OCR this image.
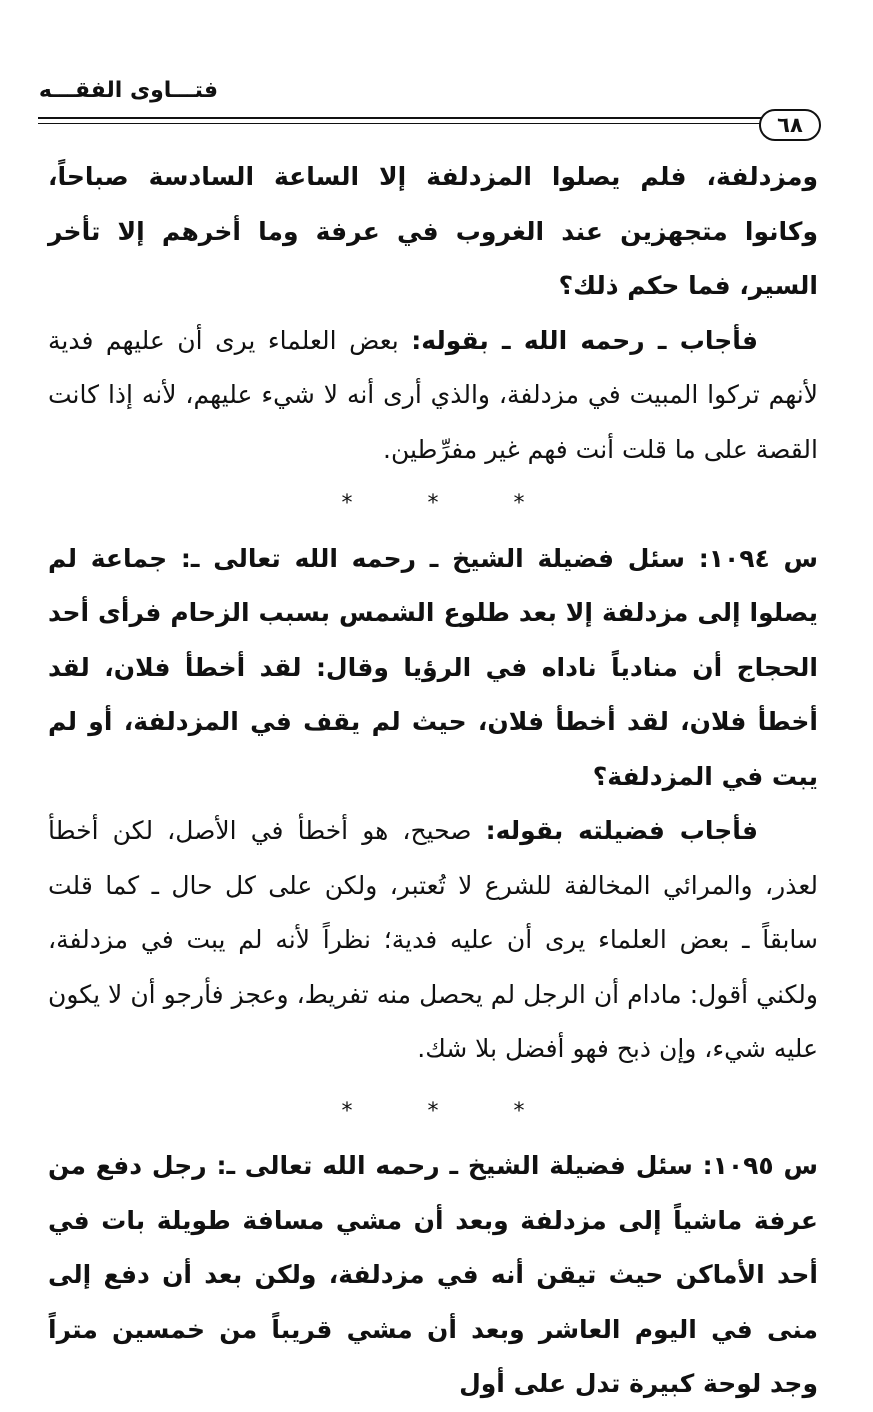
فتـــاوى الفقـــه
٦٨

ومزدلفة، فلم يصلوا المزدلفة إلا الساعة السادسة صباحاً، وكانوا متجهزين عند الغروب في عرفة وما أخرهم إلا تأخر السير، فما حكم ذلك؟

فأجاب ـ رحمه الله ـ بقوله: بعض العلماء يرى أن عليهم فدية لأنهم تركوا المبيت في مزدلفة، والذي أرى أنه لا شيء عليهم، لأنه إذا كانت القصة على ما قلت أنت فهم غير مفرِّطين.

* * *

س ١٠٩٤: سئل فضيلة الشيخ ـ رحمه الله تعالى ـ: جماعة لم يصلوا إلى مزدلفة إلا بعد طلوع الشمس بسبب الزحام فرأى أحد الحجاج أن منادياً ناداه في الرؤيا وقال: لقد أخطأ فلان، لقد أخطأ فلان، لقد أخطأ فلان، حيث لم يقف في المزدلفة، أو لم يبت في المزدلفة؟

فأجاب فضيلته بقوله: صحيح، هو أخطأ في الأصل، لكن أخطأ لعذر، والمرائي المخالفة للشرع لا تُعتبر، ولكن على كل حال ـ كما قلت سابقاً ـ بعض العلماء يرى أن عليه فدية؛ نظراً لأنه لم يبت في مزدلفة، ولكني أقول: مادام أن الرجل لم يحصل منه تفريط، وعجز فأرجو أن لا يكون عليه شيء، وإن ذبح فهو أفضل بلا شك.

* * *

س ١٠٩٥: سئل فضيلة الشيخ ـ رحمه الله تعالى ـ: رجل دفع من عرفة ماشياً إلى مزدلفة وبعد أن مشي مسافة طويلة بات في أحد الأماكن حيث تيقن أنه في مزدلفة، ولكن بعد أن دفع إلى منى في اليوم العاشر وبعد أن مشي قريباً من خمسين متراً وجد لوحة كبيرة تدل على أول
